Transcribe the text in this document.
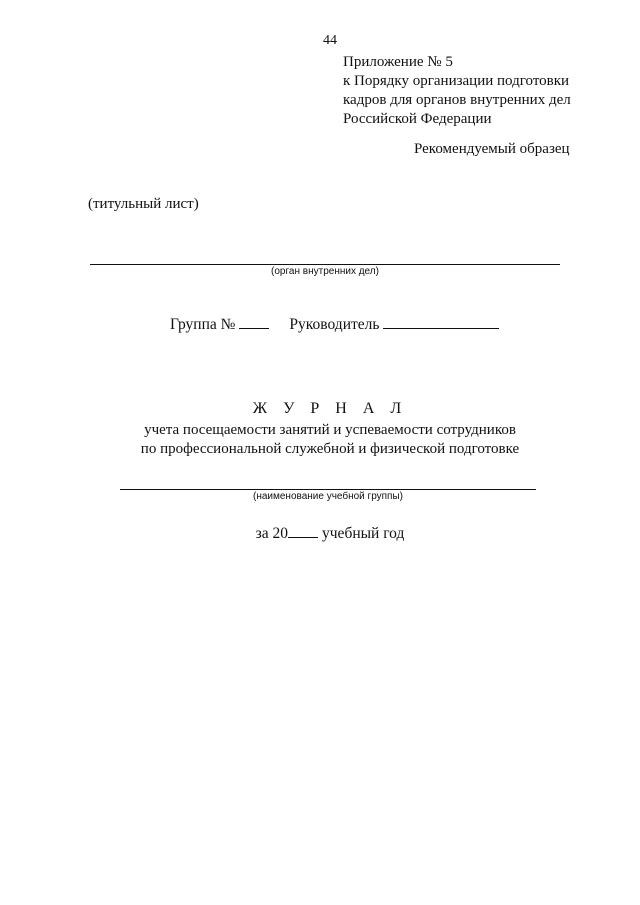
44
Приложение № 5
к Порядку организации подготовки
кадров для органов внутренних дел
Российской Федерации
Рекомендуемый образец
(титульный лист)
(орган внутренних дел)
Группа №	Руководитель
Ж У Р Н А Л
учета посещаемости занятий и успеваемости сотрудников
по профессиональной служебной и физической подготовке
(наименование учебной группы)
за 20 учебный год
